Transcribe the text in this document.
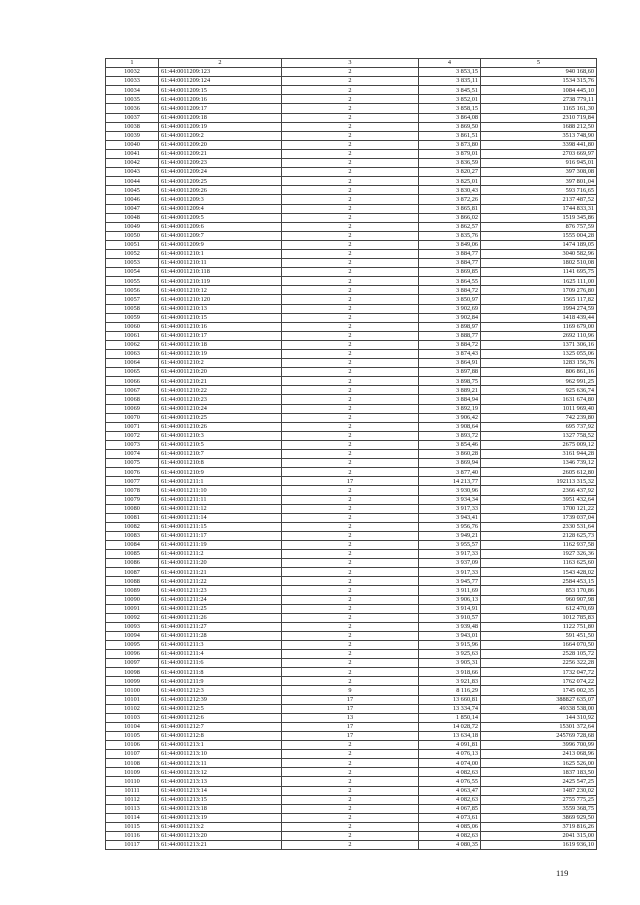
1	2	3	4	5
10032	61:44:0011209:123	2	3 853,15	940 168,60
10033	61:44:0011209:124	2	3 835,11	1534 315,76
10034	61:44:0011209:15	2	3 845,51	1084 445,10
10035	61:44:0011209:16	2	3 852,01	2738 779,11
10036	61:44:0011209:17	2	3 858,15	1165 161,30
10037	61:44:0011209:18	2	3 864,08	2310 719,84
10038	61:44:0011209:19	2	3 869,50	1688 212,50
10039	61:44:0011209:2	2	3 861,51	3513 748,90
10040	61:44:0011209:20	2	3 873,80	3398 441,80
10041	61:44:0011209:21	2	3 879,01	2703 669,97
10042	61:44:0011209:23	2	3 836,59	916 945,01
10043	61:44:0011209:24	2	3 820,27	397 308,08
10044	61:44:0011209:25	2	3 825,01	397 801,04
10045	61:44:0011209:26	2	3 830,43	593 716,65
10046	61:44:0011209:3	2	3 872,26	2137 487,52
10047	61:44:0011209:4	2	3 865,81	1744 833,31
10048	61:44:0011209:5	2	3 866,02	1519 345,86
10049	61:44:0011209:6	2	3 862,57	876 757,59
10050	61:44:0011209:7	2	3 835,76	1555 004,28
10051	61:44:0011209:9	2	3 849,06	1474 189,05
10052	61:44:0011210:1	2	3 884,77	3040 582,96
10053	61:44:0011210:11	2	3 884,77	1802 510,08
10054	61:44:0011210:118	2	3 869,85	1141 695,75
10055	61:44:0011210:119	2	3 864,55	1625 111,00
10056	61:44:0011210:12	2	3 884,72	1709 276,80
10057	61:44:0011210:120	2	3 850,97	1565 117,82
10058	61:44:0011210:13	2	3 902,69	1994 274,59
10059	61:44:0011210:15	2	3 902,84	1418 439,44
10060	61:44:0011210:16	2	3 898,97	1169 679,00
10061	61:44:0011210:17	2	3 888,77	2692 110,96
10062	61:44:0011210:18	2	3 884,72	1371 306,16
10063	61:44:0011210:19	2	3 874,43	1325 055,06
10064	61:44:0011210:2	2	3 864,91	1283 156,76
10065	61:44:0011210:20	2	3 897,88	806 861,16
10066	61:44:0011210:21	2	3 898,75	962 991,25
10067	61:44:0011210:22	2	3 889,21	925 636,74
10068	61:44:0011210:23	2	3 884,94	1631 674,80
10069	61:44:0011210:24	2	3 892,19	1011 969,40
10070	61:44:0011210:25	2	3 906,42	742 239,80
10071	61:44:0011210:26	2	3 908,64	695 737,92
10072	61:44:0011210:3	2	3 893,72	1327 758,52
10073	61:44:0011210:5	2	3 854,46	2675 009,12
10074	61:44:0011210:7	2	3 860,28	3161 944,28
10075	61:44:0011210:8	2	3 869,94	1346 739,12
10076	61:44:0011210:9	2	3 877,40	2605 612,80
10077	61:44:0011211:1	17	14 213,77	192113 315,32
10078	61:44:0011211:10	2	3 930,96	2366 437,92
10079	61:44:0011211:11	2	3 934,34	3951 432,64
10080	61:44:0011211:12	2	3 917,33	1700 121,22
10081	61:44:0011211:14	2	3 943,41	1739 037,04
10082	61:44:0011211:15	2	3 956,76	2330 531,64
10083	61:44:0011211:17	2	3 949,21	2128 625,73
10084	61:44:0011211:19	2	3 955,57	1162 937,58
10085	61:44:0011211:2	2	3 917,33	1927 326,36
10086	61:44:0011211:20	2	3 937,09	1163 625,60
10087	61:44:0011211:21	2	3 917,33	1543 428,02
10088	61:44:0011211:22	2	3 945,77	2584 453,15
10089	61:44:0011211:23	2	3 911,69	853 170,86
10090	61:44:0011211:24	2	3 906,13	960 907,98
10091	61:44:0011211:25	2	3 914,91	612 470,69
10092	61:44:0011211:26	2	3 910,57	1012 785,83
10093	61:44:0011211:27	2	3 939,48	1122 751,80
10094	61:44:0011211:28	2	3 943,01	591 451,50
10095	61:44:0011211:3	2	3 915,96	1664 070,50
10096	61:44:0011211:4	2	3 925,63	2528 105,72
10097	61:44:0011211:6	2	3 905,31	2256 322,28
10098	61:44:0011211:8	2	3 918,66	1732 047,72
10099	61:44:0011211:9	2	3 921,83	1762 074,22
10100	61:44:0011212:3	9	8 116,29	1745 002,35
10101	61:44:0011212:39	17	13 660,81	388827 635,07
10102	61:44:0011212:5	17	13 334,74	49338 538,00
10103	61:44:0011212:6	13	1 850,14	144 310,92
10104	61:44:0011212:7	17	14 028,72	15301 372,64
10105	61:44:0011212:8	17	13 634,18	245769 728,68
10106	61:44:0011213:1	2	4 091,81	3996 700,99
10107	61:44:0011213:10	2	4 076,13	2413 068,96
10108	61:44:0011213:11	2	4 074,00	1625 526,00
10109	61:44:0011213:12	2	4 082,63	1837 183,50
10110	61:44:0011213:13	2	4 076,55	2425 547,25
10111	61:44:0011213:14	2	4 063,47	1487 230,02
10112	61:44:0011213:15	2	4 082,63	2755 775,25
10113	61:44:0011213:18	2	4 067,85	3559 368,75
10114	61:44:0011213:19	2	4 073,61	3869 929,50
10115	61:44:0011213:2	2	4 085,06	3719 816,26
10116	61:44:0011213:20	2	4 082,63	2041 315,00
10117	61:44:0011213:21	2	4 080,35	1619 936,10
119
